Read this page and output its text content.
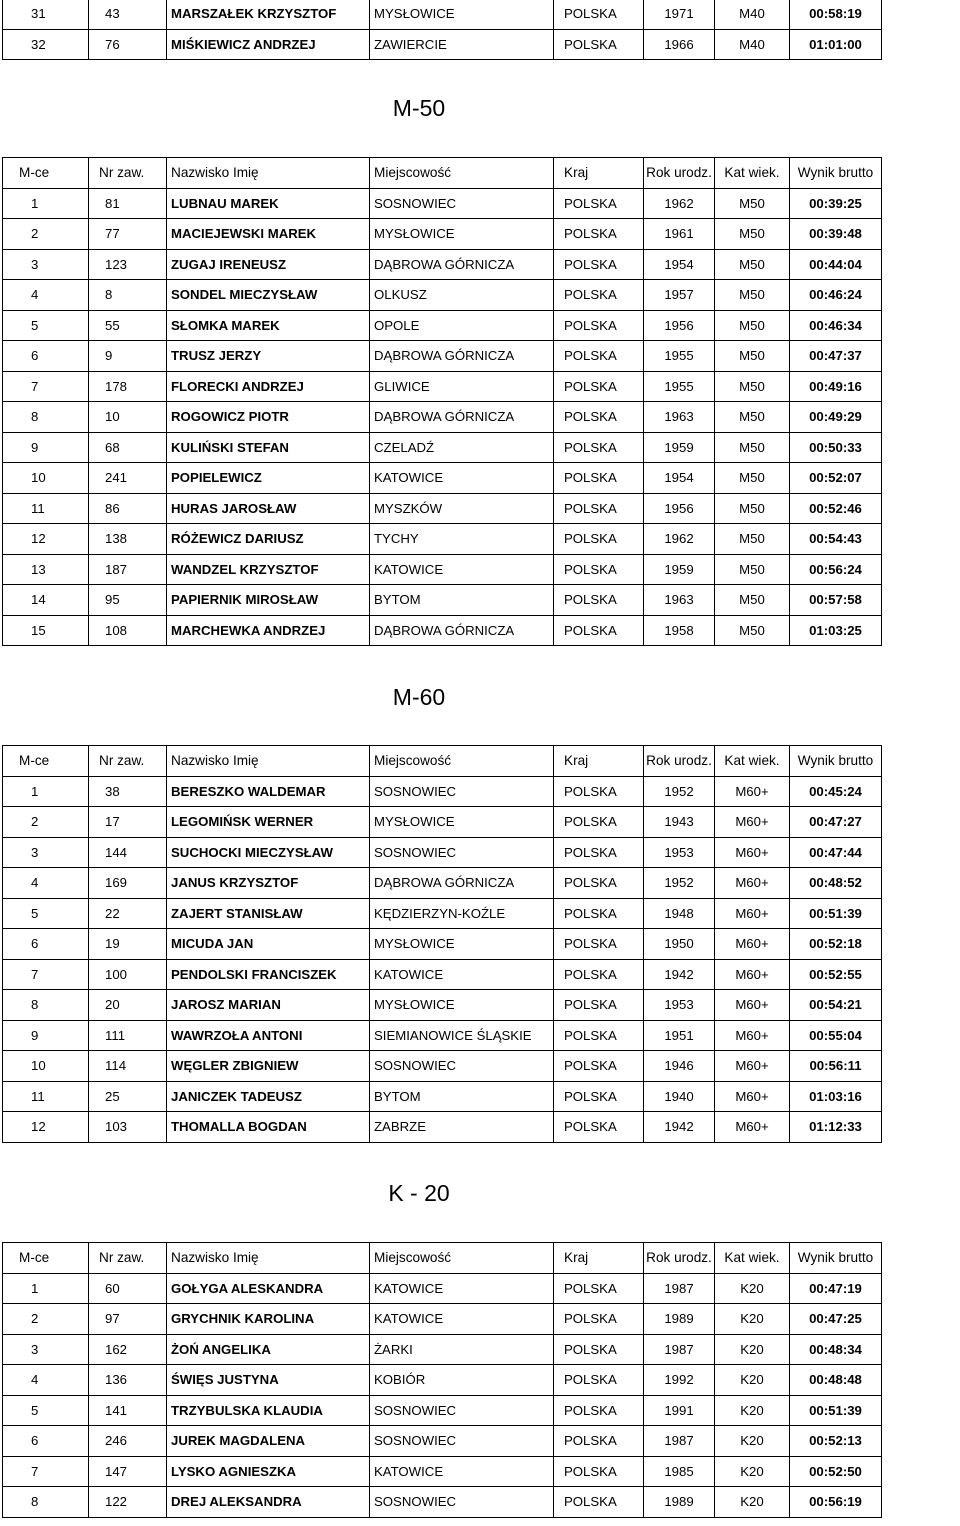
31	43	MARSZAŁEK KRZYSZTOF	MYSŁOWICE	POLSKA	1971	M40	00:58:19
32	76	MIŚKIEWICZ ANDRZEJ	ZAWIERCIE	POLSKA	1966	M40	01:01:00
M-50
M-ce	Nr zaw.	Nazwisko Imię	Miejscowość	Kraj	Rok urodz.	Kat wiek.	Wynik brutto
1	81	LUBNAU MAREK	SOSNOWIEC	POLSKA	1962	M50	00:39:25
2	77	MACIEJEWSKI MAREK	MYSŁOWICE	POLSKA	1961	M50	00:39:48
3	123	ZUGAJ IRENEUSZ	DĄBROWA GÓRNICZA	POLSKA	1954	M50	00:44:04
4	8	SONDEL MIECZYSŁAW	OLKUSZ	POLSKA	1957	M50	00:46:24
5	55	SŁOMKA MAREK	OPOLE	POLSKA	1956	M50	00:46:34
6	9	TRUSZ JERZY	DĄBROWA GÓRNICZA	POLSKA	1955	M50	00:47:37
7	178	FLORECKI ANDRZEJ	GLIWICE	POLSKA	1955	M50	00:49:16
8	10	ROGOWICZ PIOTR	DĄBROWA GÓRNICZA	POLSKA	1963	M50	00:49:29
9	68	KULIŃSKI STEFAN	CZELADŹ	POLSKA	1959	M50	00:50:33
10	241	POPIELEWICZ	KATOWICE	POLSKA	1954	M50	00:52:07
11	86	HURAS JAROSŁAW	MYSZKÓW	POLSKA	1956	M50	00:52:46
12	138	RÓŻEWICZ DARIUSZ	TYCHY	POLSKA	1962	M50	00:54:43
13	187	WANDZEL KRZYSZTOF	KATOWICE	POLSKA	1959	M50	00:56:24
14	95	PAPIERNIK MIROSŁAW	BYTOM	POLSKA	1963	M50	00:57:58
15	108	MARCHEWKA ANDRZEJ	DĄBROWA GÓRNICZA	POLSKA	1958	M50	01:03:25
M-60
M-ce	Nr zaw.	Nazwisko Imię	Miejscowość	Kraj	Rok urodz.	Kat wiek.	Wynik brutto
1	38	BERESZKO WALDEMAR	SOSNOWIEC	POLSKA	1952	M60+	00:45:24
2	17	LEGOMIŃSK WERNER	MYSŁOWICE	POLSKA	1943	M60+	00:47:27
3	144	SUCHOCKI MIECZYSŁAW	SOSNOWIEC	POLSKA	1953	M60+	00:47:44
4	169	JANUS KRZYSZTOF	DĄBROWA GÓRNICZA	POLSKA	1952	M60+	00:48:52
5	22	ZAJERT STANISŁAW	KĘDZIERZYN-KOŹLE	POLSKA	1948	M60+	00:51:39
6	19	MICUDA JAN	MYSŁOWICE	POLSKA	1950	M60+	00:52:18
7	100	PENDOLSKI FRANCISZEK	KATOWICE	POLSKA	1942	M60+	00:52:55
8	20	JAROSZ MARIAN	MYSŁOWICE	POLSKA	1953	M60+	00:54:21
9	111	WAWRZOŁA ANTONI	SIEMIANOWICE ŚLĄSKIE	POLSKA	1951	M60+	00:55:04
10	114	WĘGLER ZBIGNIEW	SOSNOWIEC	POLSKA	1946	M60+	00:56:11
11	25	JANICZEK TADEUSZ	BYTOM	POLSKA	1940	M60+	01:03:16
12	103	THOMALLA BOGDAN	ZABRZE	POLSKA	1942	M60+	01:12:33
K - 20
M-ce	Nr zaw.	Nazwisko Imię	Miejscowość	Kraj	Rok urodz.	Kat wiek.	Wynik brutto
1	60	GOŁYGA ALESKANDRA	KATOWICE	POLSKA	1987	K20	00:47:19
2	97	GRYCHNIK KAROLINA	KATOWICE	POLSKA	1989	K20	00:47:25
3	162	ŻOŃ ANGELIKA	ŻARKI	POLSKA	1987	K20	00:48:34
4	136	ŚWIĘS JUSTYNA	KOBIÓR	POLSKA	1992	K20	00:48:48
5	141	TRZYBULSKA KLAUDIA	SOSNOWIEC	POLSKA	1991	K20	00:51:39
6	246	JUREK MAGDALENA	SOSNOWIEC	POLSKA	1987	K20	00:52:13
7	147	LYSKO AGNIESZKA	KATOWICE	POLSKA	1985	K20	00:52:50
8	122	DREJ ALEKSANDRA	SOSNOWIEC	POLSKA	1989	K20	00:56:19
